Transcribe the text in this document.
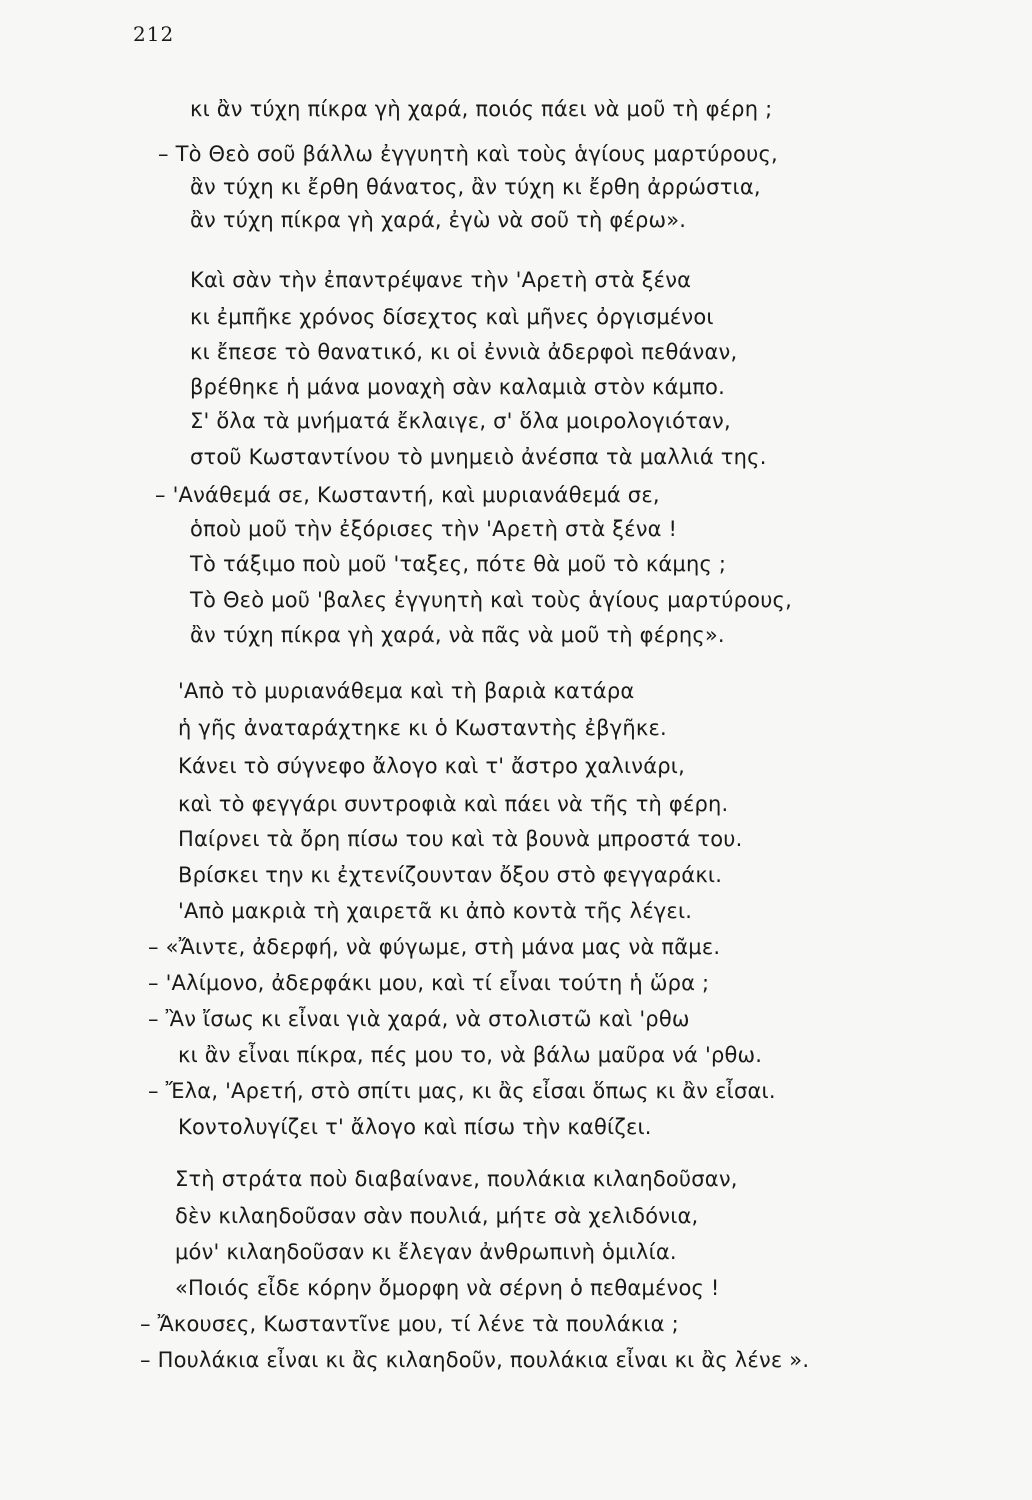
212
κι ἂν τύχη πίκρα γὴ χαρά, ποιός πάει νὰ μοῦ τὴ φέρη ;
– Τὸ Θεὸ σοῦ βάλλω ἐγγυητὴ καὶ τοὺς ἁγίους μαρτύρους,
ἂν τύχη κι ἔρθη θάνατος, ἂν τύχη κι ἔρθη ἀρρώστια,
ἂν τύχη πίκρα γὴ χαρά, ἐγὼ νὰ σοῦ τὴ φέρω».
Καὶ σὰν τὴν ἐπαντρέψανε τὴν 'Αρετὴ στὰ ξένα
κι ἐμπῆκε χρόνος δίσεχτος καὶ μῆνες ὀργισμένοι
κι ἔπεσε τὸ θανατικό, κι οἱ ἐννιὰ ἀδερφοὶ πεθάναν,
βρέθηκε ἡ μάνα μοναχὴ σὰν καλαμιὰ στὸν κάμπο.
Σ' ὅλα τὰ μνήματά ἔκλαιγε, σ' ὅλα μοιρολογιόταν,
στοῦ Κωσταντίνου τὸ μνημειὸ ἀνέσπα τὰ μαλλιά της.
– 'Ανάθεμά σε, Κωσταντή, καὶ μυριανάθεμά σε,
ὁποὺ μοῦ τὴν ἐξόρισες τὴν 'Αρετὴ στὰ ξένα !
Τὸ τάξιμο ποὺ μοῦ 'ταξες, πότε θὰ μοῦ τὸ κάμης ;
Τὸ Θεὸ μοῦ 'βαλες ἐγγυητὴ καὶ τοὺς ἁγίους μαρτύρους,
ἂν τύχη πίκρα γὴ χαρά, νὰ πᾶς νὰ μοῦ τὴ φέρης».
'Απὸ τὸ μυριανάθεμα καὶ τὴ βαριὰ κατάρα
ἡ γῆς ἀναταράχτηκε κι ὁ Κωσταντὴς ἐβγῆκε.
Κάνει τὸ σύγνεφο ἄλογο καὶ τ' ἄστρο χαλινάρι,
καὶ τὸ φεγγάρι συντροφιὰ καὶ πάει νὰ τῆς τὴ φέρη.
Παίρνει τὰ ὄρη πίσω του καὶ τὰ βουνὰ μπροστά του.
Βρίσκει την κι ἐχτενίζουνταν ὄξου στὸ φεγγαράκι.
'Απὸ μακριὰ τὴ χαιρετᾶ κι ἀπὸ κοντὰ τῆς λέγει.
– «Ἄιντε, ἀδερφή, νὰ φύγωμε, στὴ μάνα μας νὰ πᾶμε.
– 'Αλίμονο, ἀδερφάκι μου, καὶ τί εἶναι τούτη ἡ ὥρα ;
– Ἂν ἴσως κι εἶναι γιὰ χαρά, νὰ στολιστῶ καὶ 'ρθω
κι ἂν εἶναι πίκρα, πές μου το, νὰ βάλω μαῦρα νά 'ρθω.
– Ἔλα, 'Αρετή, στὸ σπίτι μας, κι ἂς εἶσαι ὅπως κι ἂν εἶσαι.
Κοντολυγίζει τ' ἄλογο καὶ πίσω τὴν καθίζει.
Στὴ στράτα ποὺ διαβαίνανε, πουλάκια κιλαηδοῦσαν,
δὲν κιλαηδοῦσαν σὰν πουλιά, μήτε σὰ χελιδόνια,
μόν' κιλαηδοῦσαν κι ἔλεγαν ἀνθρωπινὴ ὁμιλία.
«Ποιός εἶδε κόρην ὄμορφη νὰ σέρνη ὁ πεθαμένος !
– Ἄκουσες, Κωσταντῖνε μου, τί λένε τὰ πουλάκια ;
– Πουλάκια εἶναι κι ἂς κιλαηδοῦν, πουλάκια εἶναι κι ἂς λένε ».
